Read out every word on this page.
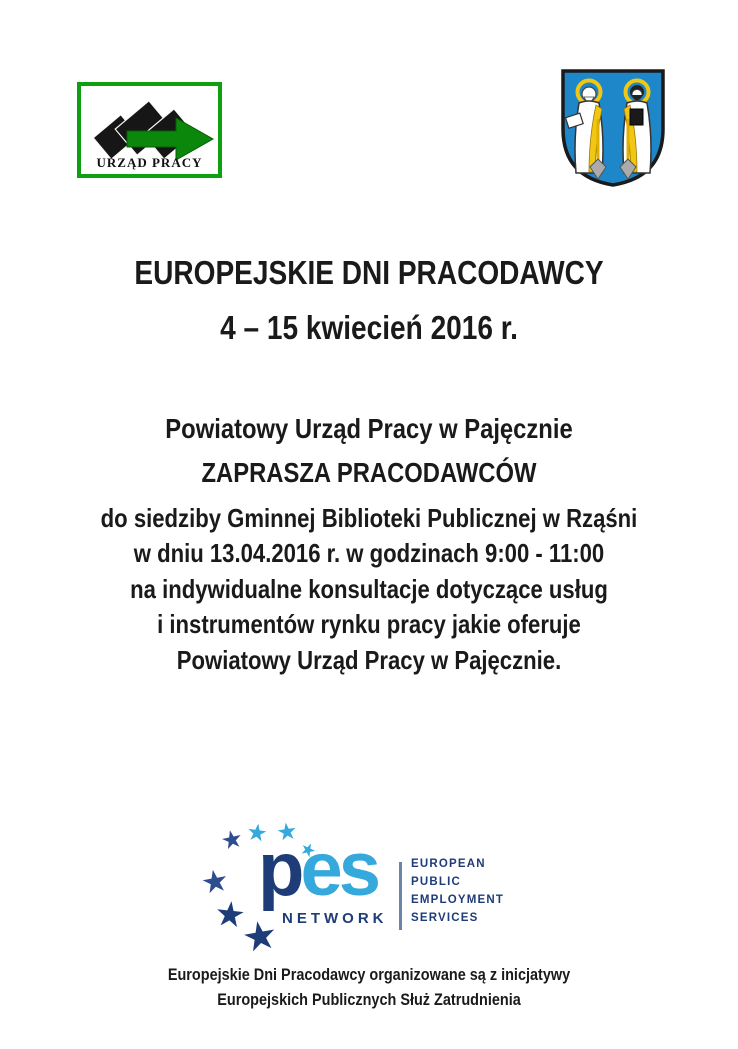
URZĄD PRACY
EUROPEJSKIE DNI PRACODAWCY
4 – 15 kwiecień 2016 r.
Powiatowy Urząd Pracy w Pajęcznie
ZAPRASZA PRACODAWCÓW
do siedziby Gminnej Biblioteki Publicznej w Rząśni
w dniu 13.04.2016 r. w godzinach 9:00 - 11:00
na indywidualne konsultacje dotyczące usług
i instrumentów rynku pracy jakie oferuje
Powiatowy Urząd Pracy w Pajęcznie.
pes
NETWORK
EUROPEAN
PUBLIC
EMPLOYMENT
SERVICES
Europejskie Dni Pracodawcy organizowane są z inicjatywy
Europejskich Publicznych Służ Zatrudnienia
